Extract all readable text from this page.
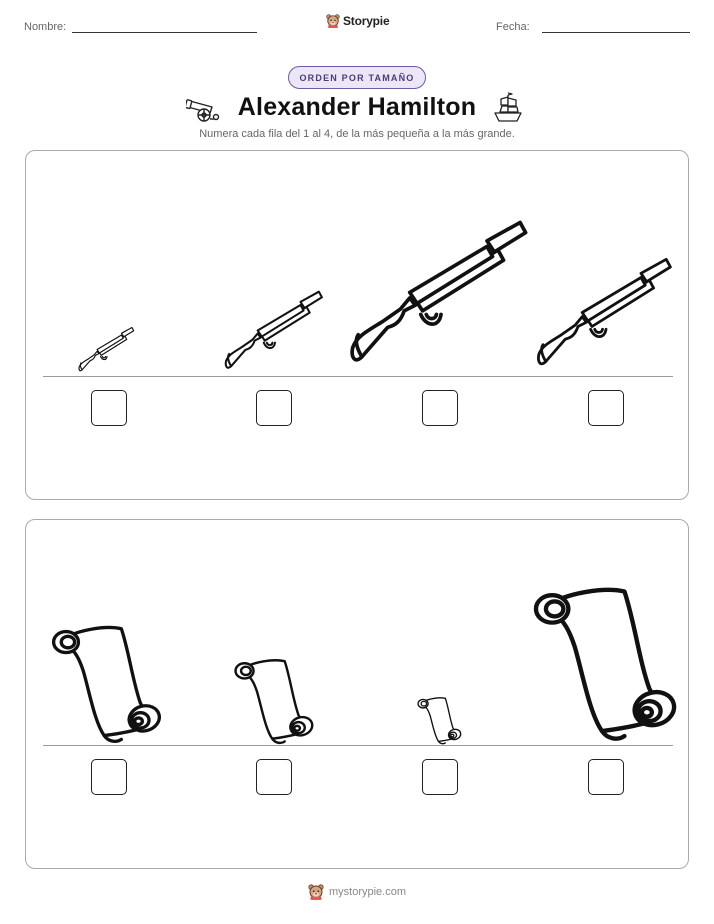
Nombre:	Storypie	Fecha:
ORDEN POR TAMAÑO
Alexander Hamilton
Numera cada fila del 1 al 4, de la más pequeña a la más grande.
mystorypie.com
